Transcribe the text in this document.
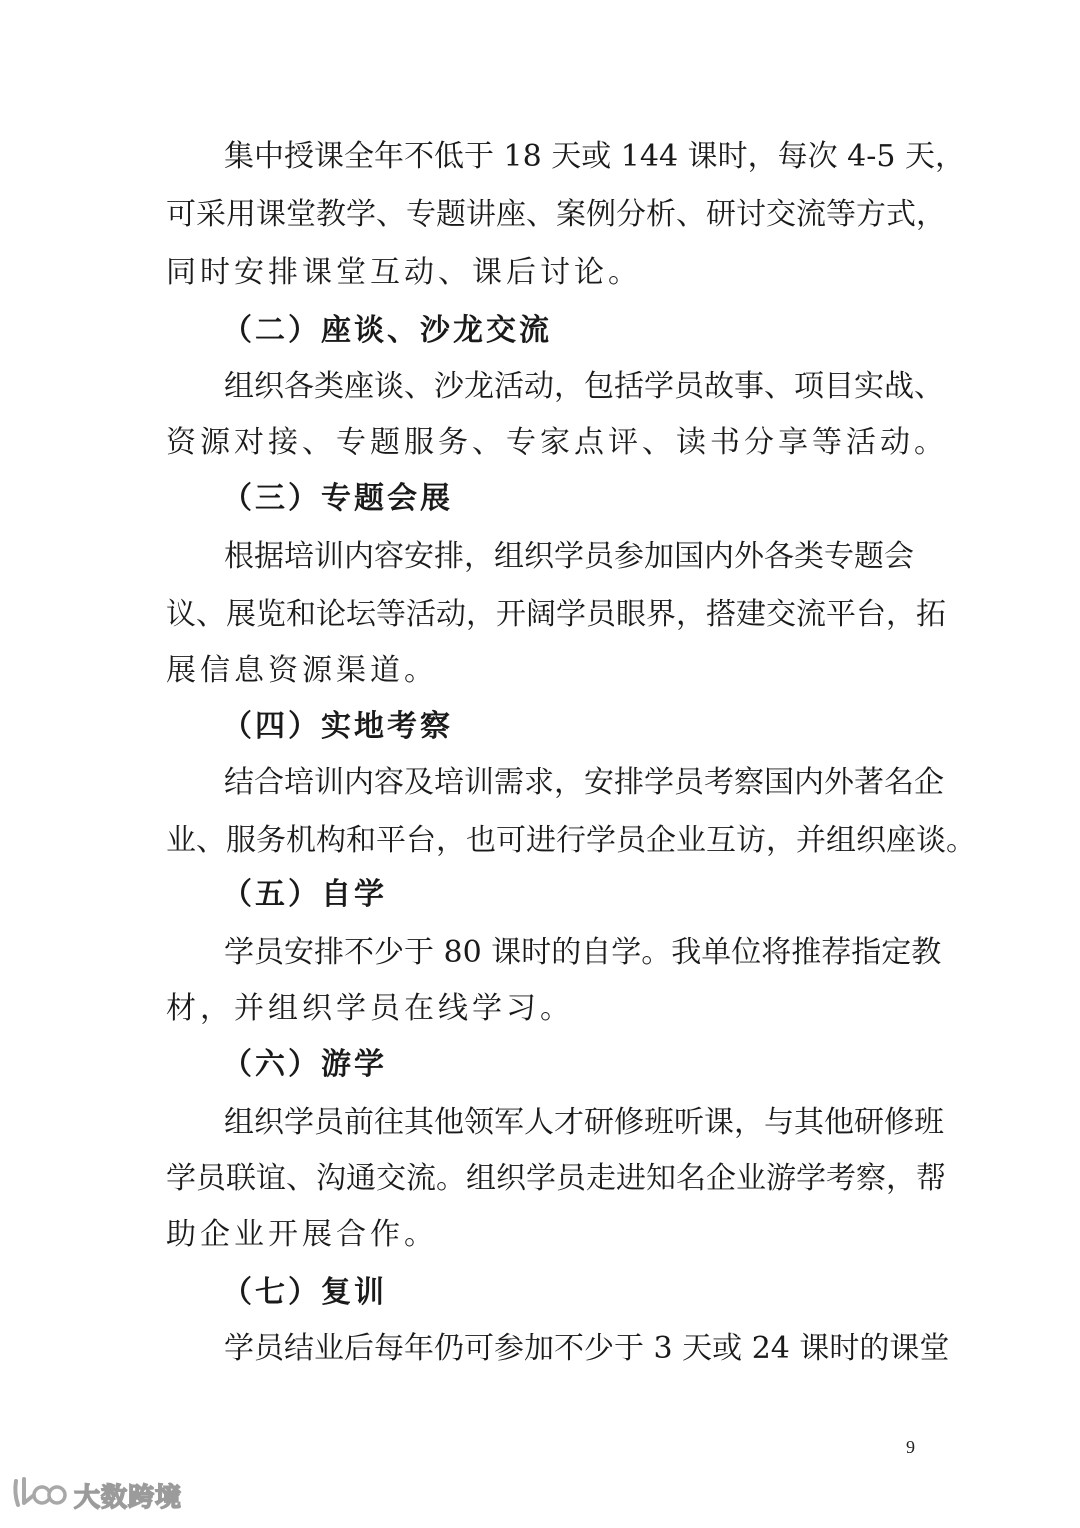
集中授课全年不低于 18 天或 144 课时，每次 4-5 天，
可采用课堂教学、专题讲座、案例分析、研讨交流等方式，
同时安排课堂互动、课后讨论。
（二）座谈、沙龙交流
组织各类座谈、沙龙活动，包括学员故事、项目实战、
资源对接、专题服务、专家点评、读书分享等活动。
（三）专题会展
根据培训内容安排，组织学员参加国内外各类专题会
议、展览和论坛等活动，开阔学员眼界，搭建交流平台，拓
展信息资源渠道。
（四）实地考察
结合培训内容及培训需求，安排学员考察国内外著名企
业、服务机构和平台，也可进行学员企业互访，并组织座谈。
（五）自学
学员安排不少于 80 课时的自学。我单位将推荐指定教
材，并组织学员在线学习。
（六）游学
组织学员前往其他领军人才研修班听课，与其他研修班
学员联谊、沟通交流。组织学员走进知名企业游学考察，帮
助企业开展合作。
（七）复训
学员结业后每年仍可参加不少于 3 天或 24 课时的课堂
9
大数跨境
